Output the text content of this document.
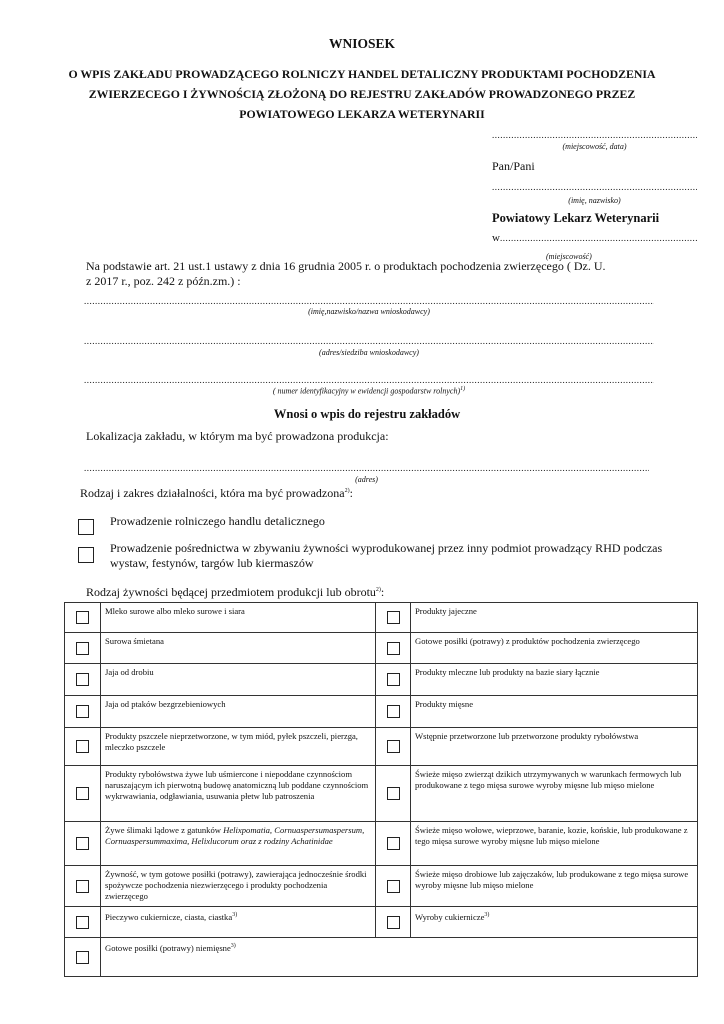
WNIOSEK
O WPIS ZAKŁADU PROWADZĄCEGO ROLNICZY HANDEL DETALICZNY PRODUKTAMI POCHODZENIA
ZWIERZECEGO I ŻYWNOŚCIĄ ZŁOŻONĄ DO REJESTRU ZAKŁADÓW PROWADZONEGO PRZEZ
POWIATOWEGO LEKARZA WETERYNARII
.....
(miejscowość, data)
Pan/Pani
.....
(imię, nazwisko)
Powiatowy Lekarz Weterynarii
w
.....
(miejscowość)
Na podstawie art. 21 ust.1 ustawy z dnia 16 grudnia 2005 r. o produktach pochodzenia zwierzęcego ( Dz. U.
z 2017 r., poz. 242 z późn.zm.) :
.....
(imię,nazwisko/nazwa wnioskodawcy)
.....
(adres/siedziba wnioskodawcy)
.....
( numer identyfikacyjny w ewidencji gospodarstw rolnych)$^{1)}$
Wnosi o wpis do rejestru zakładów
Lokalizacja zakładu, w którym ma być prowadzona produkcja:
.....
(adres)
Rodzaj i zakres działalności, która ma być prowadzona$^{2)}$:
Prowadzenie rolniczego handlu detalicznego
Prowadzenie pośrednictwa w zbywaniu żywności wyprodukowanej przez inny podmiot prowadzący RHD podczas
wystaw, festynów, targów lub kiermaszów
Rodzaj żywności będącej przedmiotem produkcji lub obrotu$^{2)}$:
	Mleko surowe albo mleko surowe i siara		Produkty jajeczne

	Surowa śmietana		Gotowe posiłki (potrawy) z produktów pochodzenia zwierzęcego

	Jaja od drobiu		Produkty mleczne lub produkty na bazie siary łącznie

	Jaja od ptaków bezgrzebieniowych		Produkty mięsne

	Produkty pszczele nieprzetworzone, w tym miód, pyłek pszczeli, pierzga, mleczko pszczele		Wstępnie przetworzone lub przetworzone produkty rybołówstwa

	Produkty rybołówstwa żywe lub uśmiercone i niepoddane czynnościom naruszającym ich pierwotną budowę anatomiczną lub poddane czynnościom wykrwawiania, odgławiania, usuwania płetw lub patroszenia		Świeże mięso zwierząt dzikich utrzymywanych w warunkach fermowych lub produkowane z tego mięsa surowe wyroby mięsne lub mięso mielone

	Żywe ślimaki lądowe z gatunków Helixpomatia, Cornuaspersumaspersum, Cornuaspersummaxima, Helixlucorum oraz z rodziny Achatinidae		Świeże mięso wołowe, wieprzowe, baranie, kozie, końskie, lub produkowane z tego mięsa surowe wyroby mięsne lub mięso mielone

	Żywność, w tym gotowe posiłki (potrawy), zawierająca jednocześnie środki spożywcze pochodzenia niezwierzęcego i produkty pochodzenia zwierzęcego		Świeże mięso drobiowe lub zajęczaków, lub produkowane z tego mięsa surowe wyroby mięsne lub mięso mielone

	Pieczywo cukiernicze, ciasta, ciastka$^{3)}$		Wyroby cukiernicze$^{3)}$

	Gotowe posiłki (potrawy) niemięsne$^{3)}$
